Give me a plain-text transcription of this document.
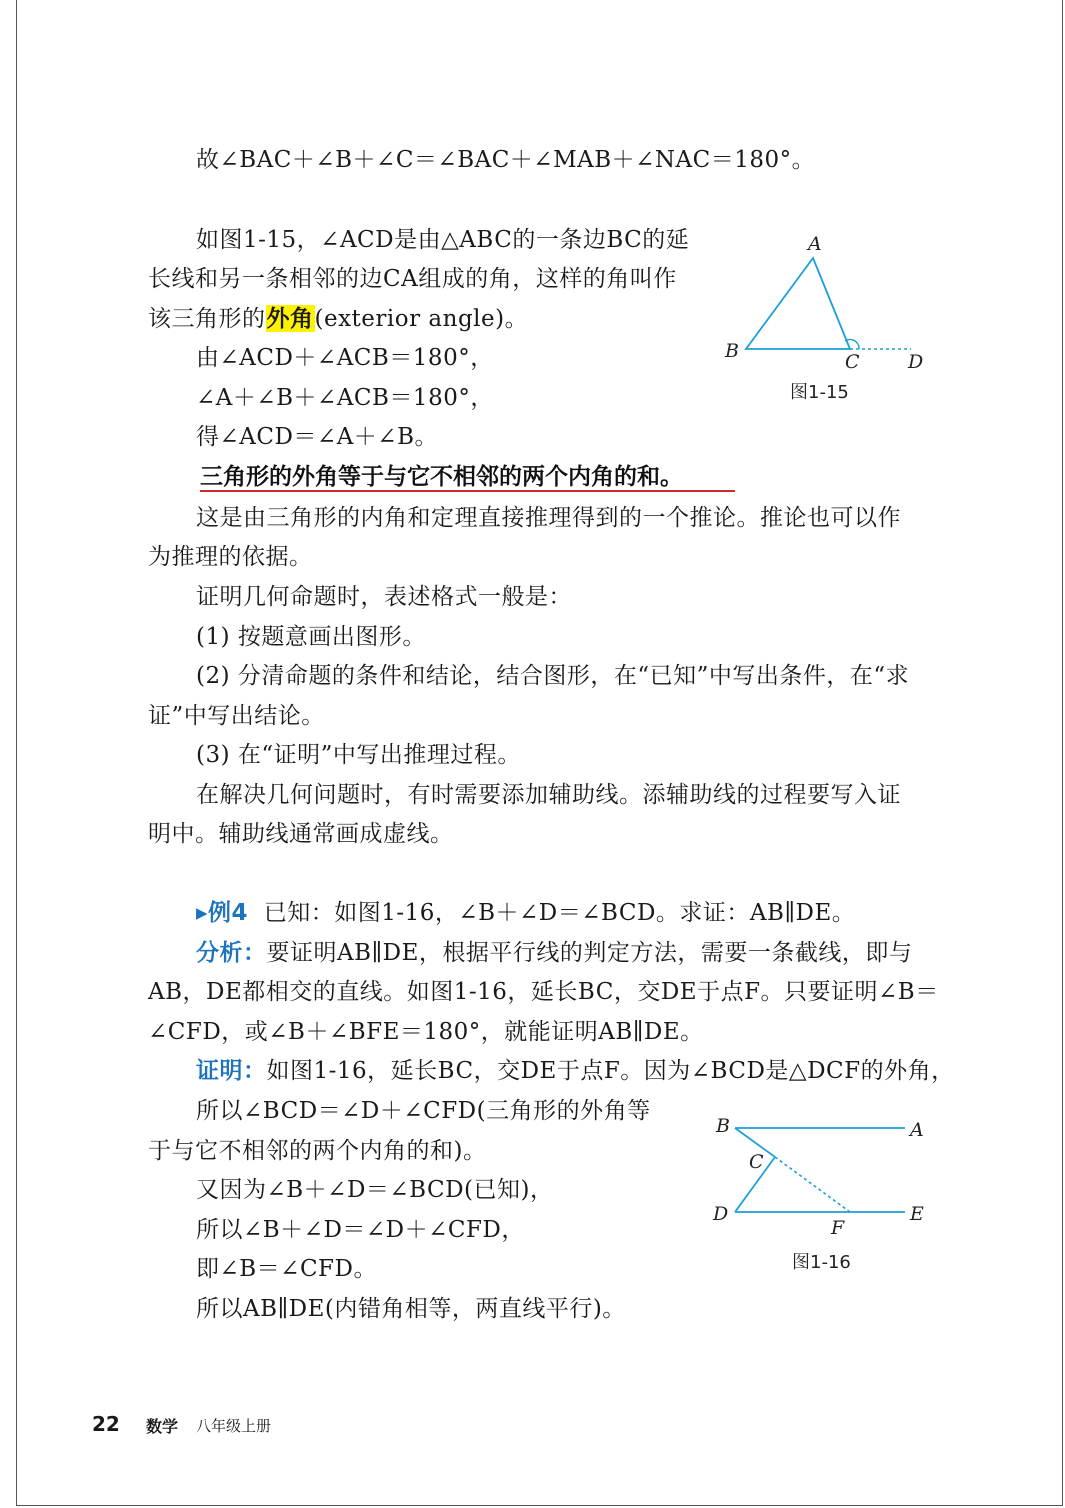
故∠BAC＋∠B＋∠C＝∠BAC＋∠MAB＋∠NAC＝180°。
如图1-15，∠ACD是由△ABC的一条边BC的延
长线和另一条相邻的边CA组成的角，这样的角叫作
该三角形的外角(exterior angle)。
由∠ACD＋∠ACB＝180°，
∠A＋∠B＋∠ACB＝180°，
得∠ACD＝∠A＋∠B。
三角形的外角等于与它不相邻的两个内角的和。
这是由三角形的内角和定理直接推理得到的一个推论。推论也可以作
为推理的依据。
证明几何命题时，表述格式一般是：
(1) 按题意画出图形。
(2) 分清命题的条件和结论，结合图形，在“已知”中写出条件，在“求
证”中写出结论。
(3) 在“证明”中写出推理过程。
在解决几何问题时，有时需要添加辅助线。添辅助线的过程要写入证
明中。辅助线通常画成虚线。
▸例4 已知：如图1-16，∠B＋∠D＝∠BCD。求证：AB∥DE。
分析：要证明AB∥DE，根据平行线的判定方法，需要一条截线，即与
AB，DE都相交的直线。如图1-16，延长BC，交DE于点F。只要证明∠B＝
∠CFD，或∠B＋∠BFE＝180°，就能证明AB∥DE。
证明：如图1-16，延长BC，交DE于点F。因为∠BCD是△DCF的外角，
所以∠BCD＝∠D＋∠CFD(三角形的外角等
于与它不相邻的两个内角的和)。
又因为∠B＋∠D＝∠BCD(已知)，
所以∠B＋∠D＝∠D＋∠CFD，
即∠B＝∠CFD。
所以AB∥DE(内错角相等，两直线平行)。
A
B	C	D
图1-15
B	A
C
D	E
F
图1-16
22 数学 八年级上册
